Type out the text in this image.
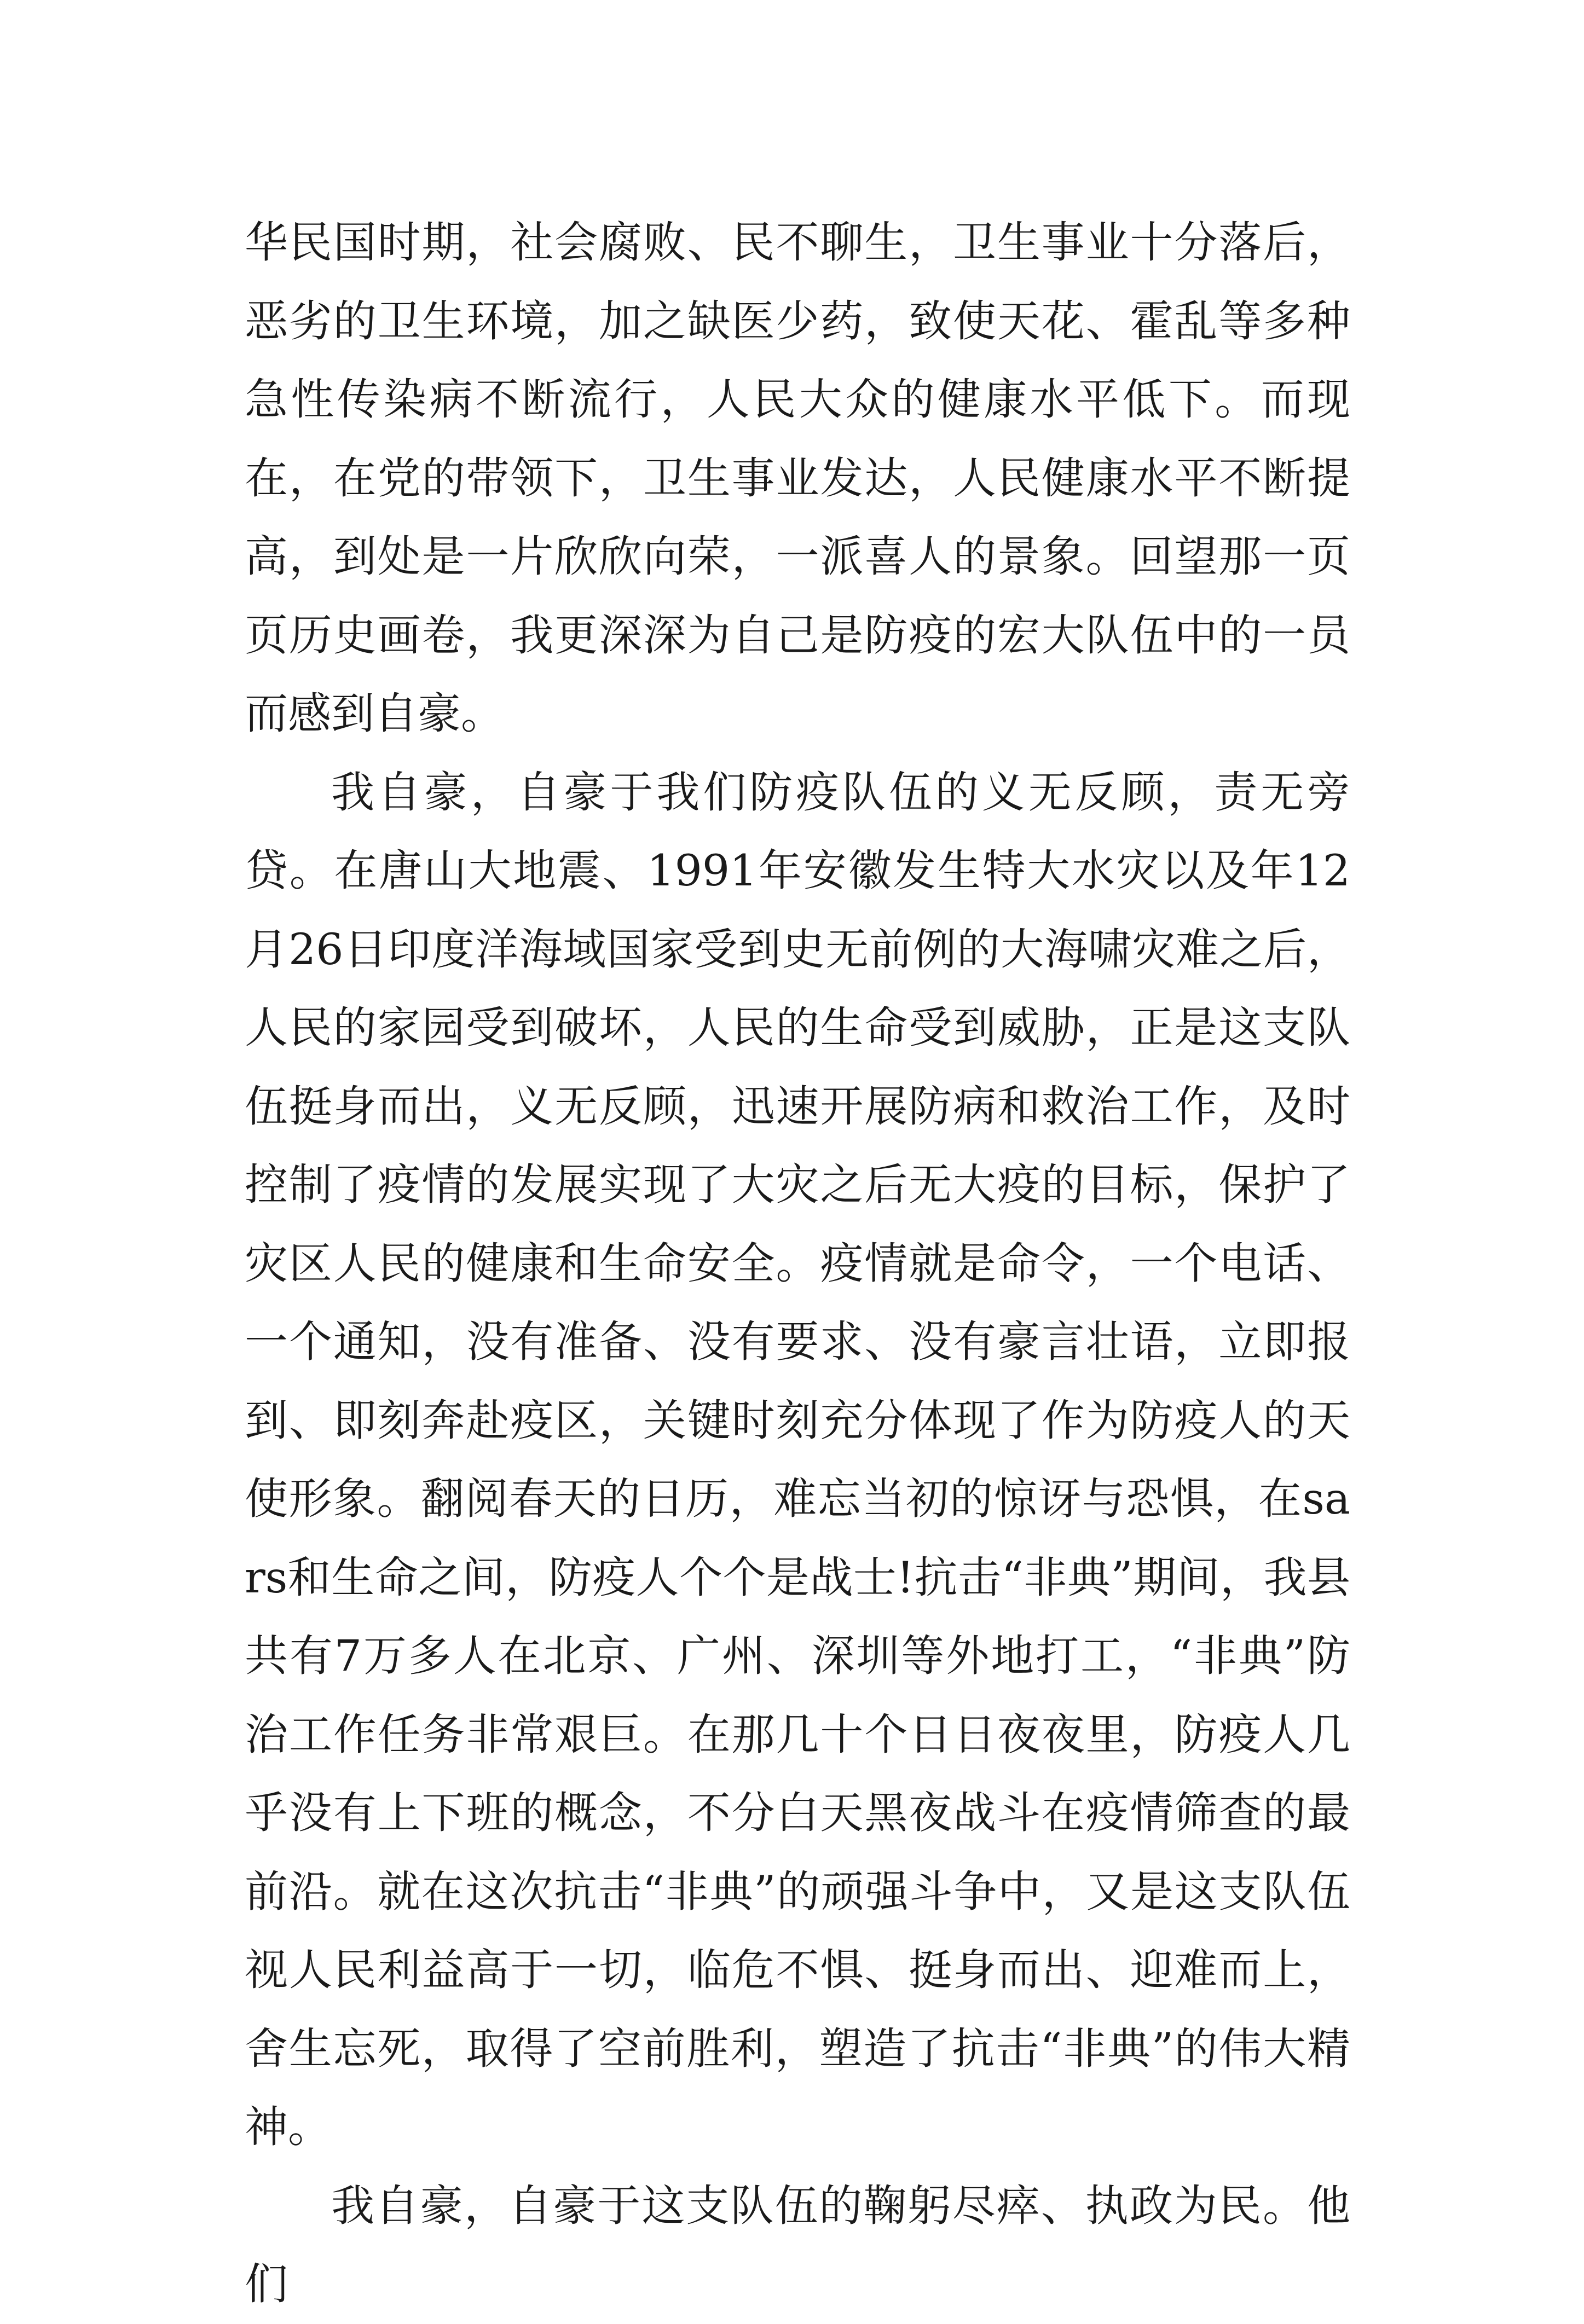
华民国时期，社会腐败、民不聊生，卫生事业十分落后，恶劣的卫生环境，加之缺医少药，致使天花、霍乱等多种急性传染病不断流行，人民大众的健康水平低下。而现在，在党的带领下，卫生事业发达，人民健康水平不断提高，到处是一片欣欣向荣，一派喜人的景象。回望那一页页历史画卷，我更深深为自己是防疫的宏大队伍中的一员而感到自豪。

我自豪，自豪于我们防疫队伍的义无反顾，责无旁贷。在唐山大地震、1991年安徽发生特大水灾以及年12月26日印度洋海域国家受到史无前例的大海啸灾难之后，人民的家园受到破坏，人民的生命受到威胁，正是这支队伍挺身而出，义无反顾，迅速开展防病和救治工作，及时控制了疫情的发展实现了大灾之后无大疫的目标，保护了灾区人民的健康和生命安全。疫情就是命令，一个电话、一个通知，没有准备、没有要求、没有豪言壮语，立即报到、即刻奔赴疫区，关键时刻充分体现了作为防疫人的天使形象。翻阅春天的日历，难忘当初的惊讶与恐惧，在sars和生命之间，防疫人个个是战士!抗击“非典”期间，我县共有7万多人在北京、广州、深圳等外地打工，“非典”防治工作任务非常艰巨。在那几十个日日夜夜里，防疫人几乎没有上下班的概念，不分白天黑夜战斗在疫情筛查的最前沿。就在这次抗击“非典”的顽强斗争中，又是这支队伍视人民利益高于一切，临危不惧、挺身而出、迎难而上，舍生忘死，取得了空前胜利，塑造了抗击“非典”的伟大精神。

我自豪，自豪于这支队伍的鞠躬尽瘁、执政为民。他们
